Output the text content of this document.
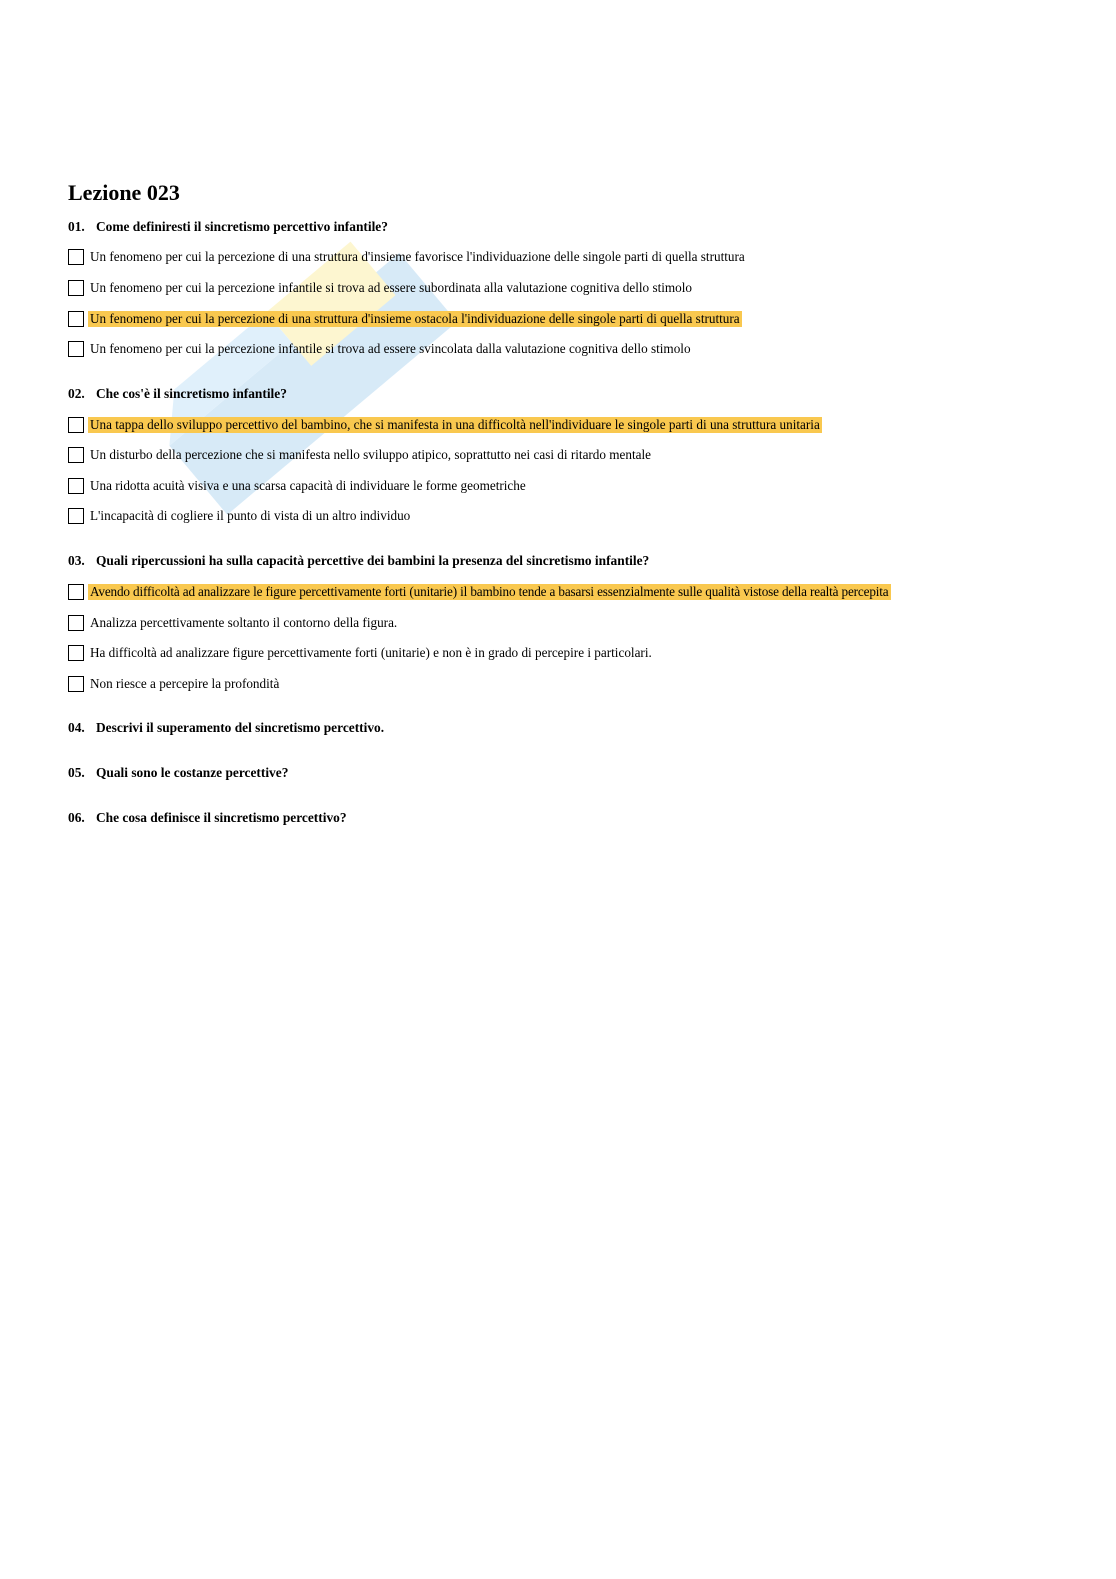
Lezione 023
01. Come definiresti il sincretismo percettivo infantile?
Un fenomeno per cui la percezione di una struttura d'insieme favorisce l'individuazione delle singole parti di quella struttura
Un fenomeno per cui la percezione infantile si trova ad essere subordinata alla valutazione cognitiva dello stimolo
Un fenomeno per cui la percezione di una struttura d'insieme ostacola l'individuazione delle singole parti di quella struttura
Un fenomeno per cui la percezione infantile si trova ad essere svincolata dalla valutazione cognitiva dello stimolo
02. Che cos'è il sincretismo infantile?
Una tappa dello sviluppo percettivo del bambino, che si manifesta in una difficoltà nell'individuare le singole parti di una struttura unitaria
Un disturbo della percezione che si manifesta nello sviluppo atipico, soprattutto nei casi di ritardo mentale
Una ridotta acuità visiva e una scarsa capacità di individuare le forme geometriche
L'incapacità di cogliere il punto di vista di un altro individuo
03. Quali ripercussioni ha sulla capacità percettive dei bambini la presenza del sincretismo infantile?
Avendo difficoltà ad analizzare le figure percettivamente forti (unitarie) il bambino tende a basarsi essenzialmente sulle qualità vistose della realtà percepita
Analizza percettivamente soltanto il contorno della figura.
Ha difficoltà ad analizzare figure percettivamente forti (unitarie) e non è in grado di percepire i particolari.
Non riesce a percepire la profondità
04. Descrivi il superamento del sincretismo percettivo.
05. Quali sono le costanze percettive?
06. Che cosa definisce il sincretismo percettivo?
